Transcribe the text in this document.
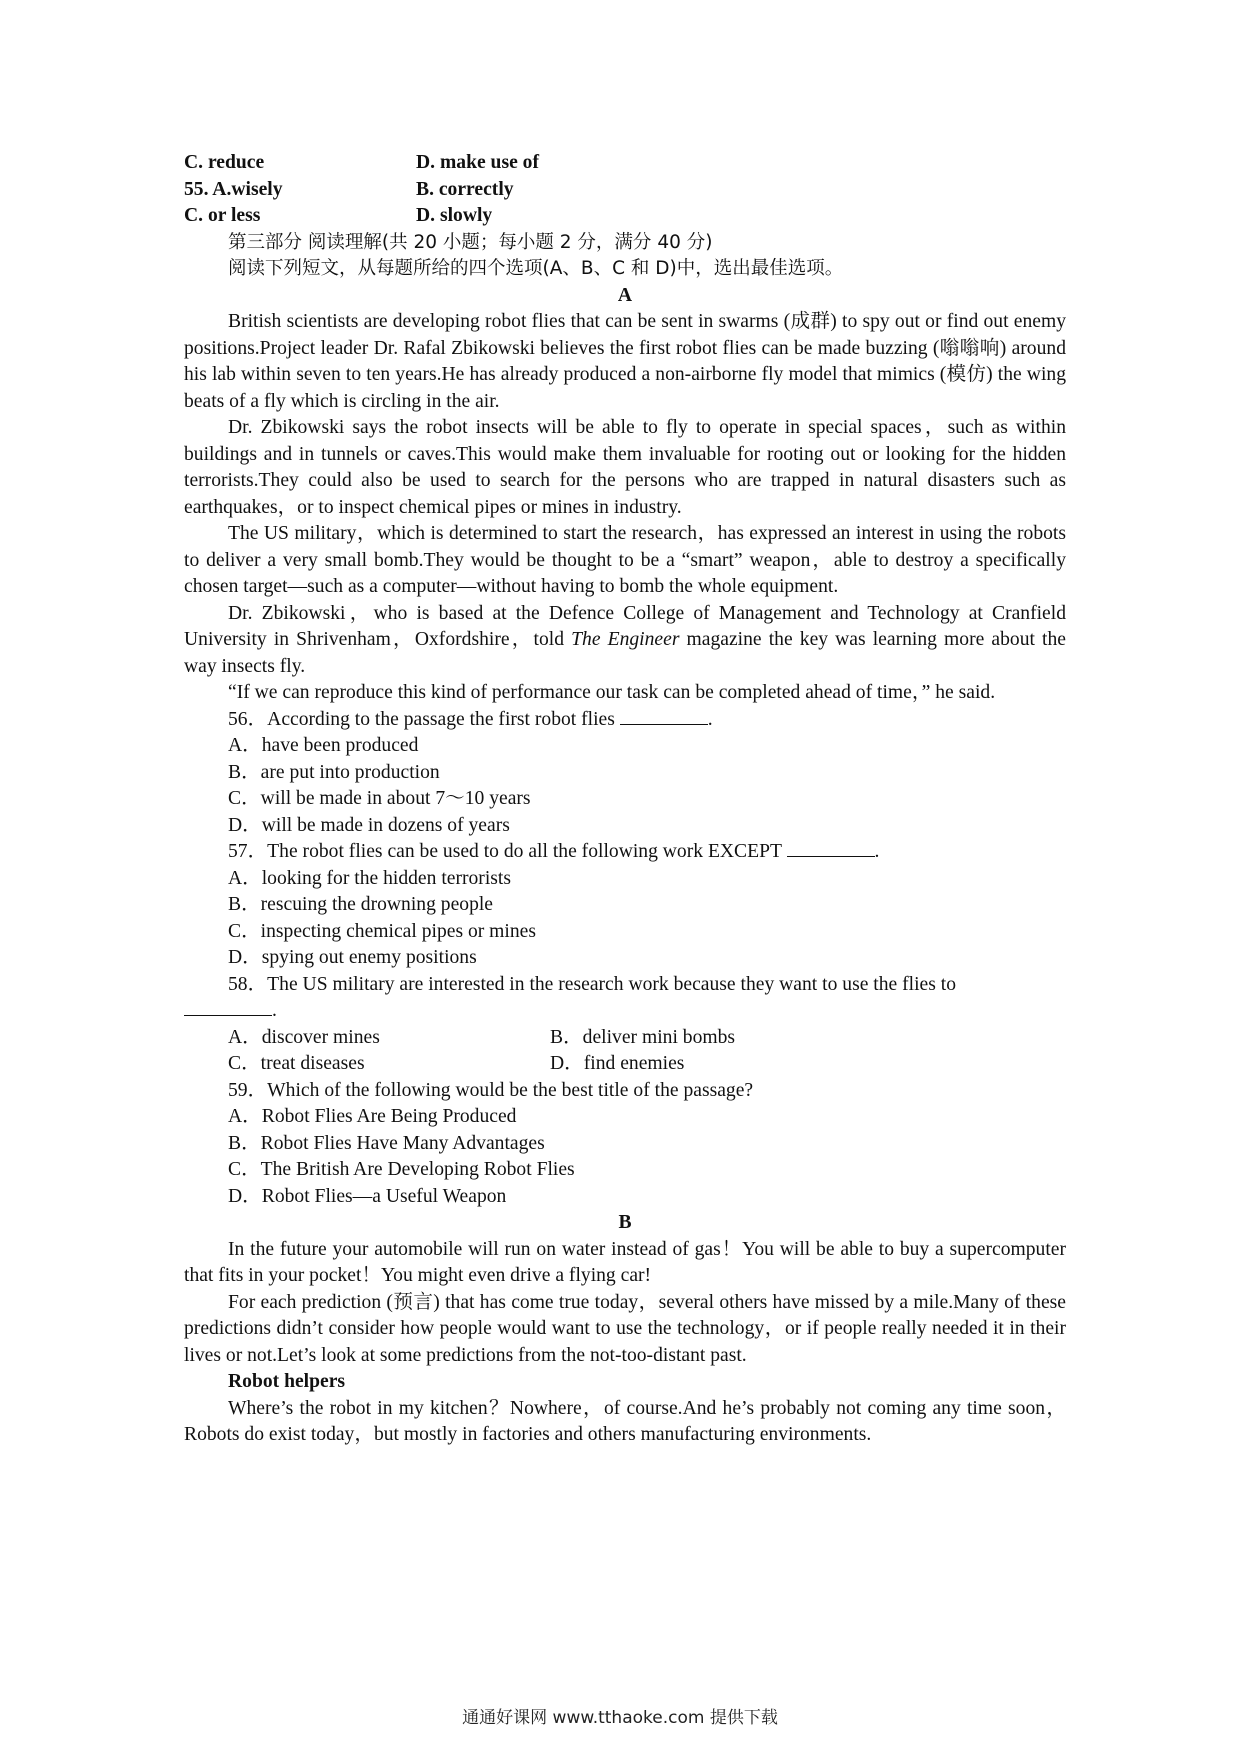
C. reduce	D. make use of
55. A.wisely	B. correctly
C. or less	D. slowly
第三部分 阅读理解(共 20 小题；每小题 2 分，满分 40 分)
阅读下列短文，从每题所给的四个选项(A、B、C 和 D)中，选出最佳选项。
A

British scientists are developing robot flies that can be sent in swarms (成群) to spy out or find out enemy positions.Project leader Dr. Rafal Zbikowski believes the first robot flies can be made buzzing (嗡嗡响) around his lab within seven to ten years.He has already produced a non-airborne fly model that mimics (模仿) the wing beats of a fly which is circling in the air.

Dr. Zbikowski says the robot insects will be able to fly to operate in special spaces，such as within buildings and in tunnels or caves.This would make them invaluable for rooting out or looking for the hidden terrorists.They could also be used to search for the persons who are trapped in natural disasters such as earthquakes，or to inspect chemical pipes or mines in industry.

The US military，which is determined to start the research，has expressed an interest in using the robots to deliver a very small bomb.They would be thought to be a “smart” weapon，able to destroy a specifically chosen target—such as a computer—without having to bomb the whole equipment.

Dr. Zbikowski，who is based at the Defence College of Management and Technology at Cranfield University in Shrivenham，Oxfordshire，told The Engineer magazine the key was learning more about the way insects fly.

“If we can reproduce this kind of performance our task can be completed ahead of time，” he said.

56．According to the passage the first robot flies	.
A．have been produced
B．are put into production
C．will be made in about 7～10 years
D．will be made in dozens of years
57．The robot flies can be used to do all the following work EXCEPT	.
A．looking for the hidden terrorists
B．rescuing the drowning people
C．inspecting chemical pipes or mines
D．spying out enemy positions

58．The US military are interested in the research work because they want to use the flies to

.
A．discover mines	B．deliver mini bombs
C．treat diseases	D．find enemies
59．Which of the following would be the best title of the passage?
A．Robot Flies Are Being Produced
B．Robot Flies Have Many Advantages
C．The British Are Developing Robot Flies
D．Robot Flies—a Useful Weapon
B

In the future your automobile will run on water instead of gas！You will be able to buy a supercomputer that fits in your pocket！You might even drive a flying car!

For each prediction (预言) that has come true today，several others have missed by a mile.Many of these predictions didn’t consider how people would want to use the technology，or if people really needed it in their lives or not.Let’s look at some predictions from the not-too-distant past.

Robot helpers

Where’s the robot in my kitchen？Nowhere，of course.And he’s probably not coming any time soon，Robots do exist today，but mostly in factories and others manufacturing environments.

通通好课网 www.tthaoke.com 提供下载
